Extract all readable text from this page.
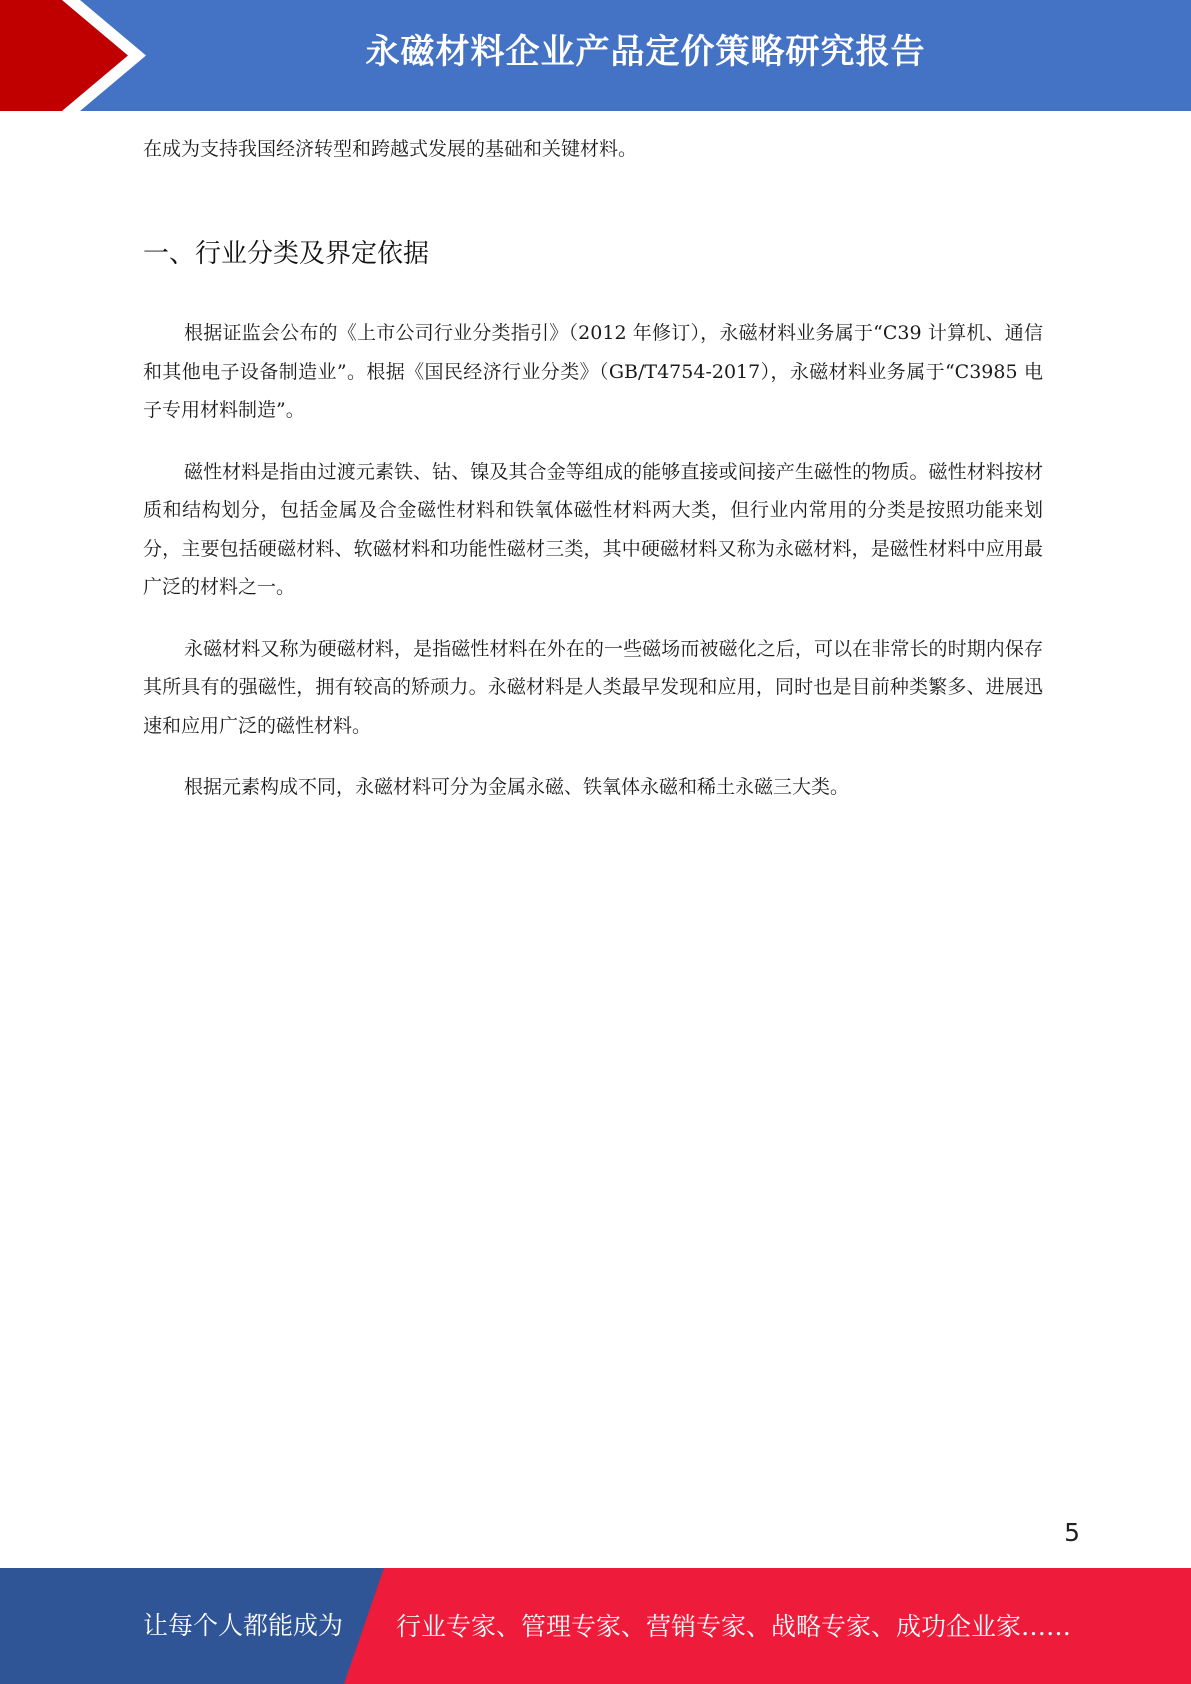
永磁材料企业产品定价策略研究报告

在成为支持我国经济转型和跨越式发展的基础和关键材料。

一、行业分类及界定依据

根据证监会公布的《上市公司行业分类指引》（2012 年修订），永磁材料业务属于“C39 计算机、通信和其他电子设备制造业”。根据《国民经济行业分类》（GB/T4754-2017），永磁材料业务属于“C3985 电子专用材料制造”。

磁性材料是指由过渡元素铁、钴、镍及其合金等组成的能够直接或间接产生磁性的物质。磁性材料按材质和结构划分，包括金属及合金磁性材料和铁氧体磁性材料两大类，但行业内常用的分类是按照功能来划分，主要包括硬磁材料、软磁材料和功能性磁材三类，其中硬磁材料又称为永磁材料，是磁性材料中应用最广泛的材料之一。

永磁材料又称为硬磁材料，是指磁性材料在外在的一些磁场而被磁化之后，可以在非常长的时期内保存其所具有的强磁性，拥有较高的矫顽力。永磁材料是人类最早发现和应用，同时也是目前种类繁多、进展迅速和应用广泛的磁性材料。

根据元素构成不同，永磁材料可分为金属永磁、铁氧体永磁和稀土永磁三大类。

5
让每个人都能成为 行业专家、管理专家、营销专家、战略专家、成功企业家……
